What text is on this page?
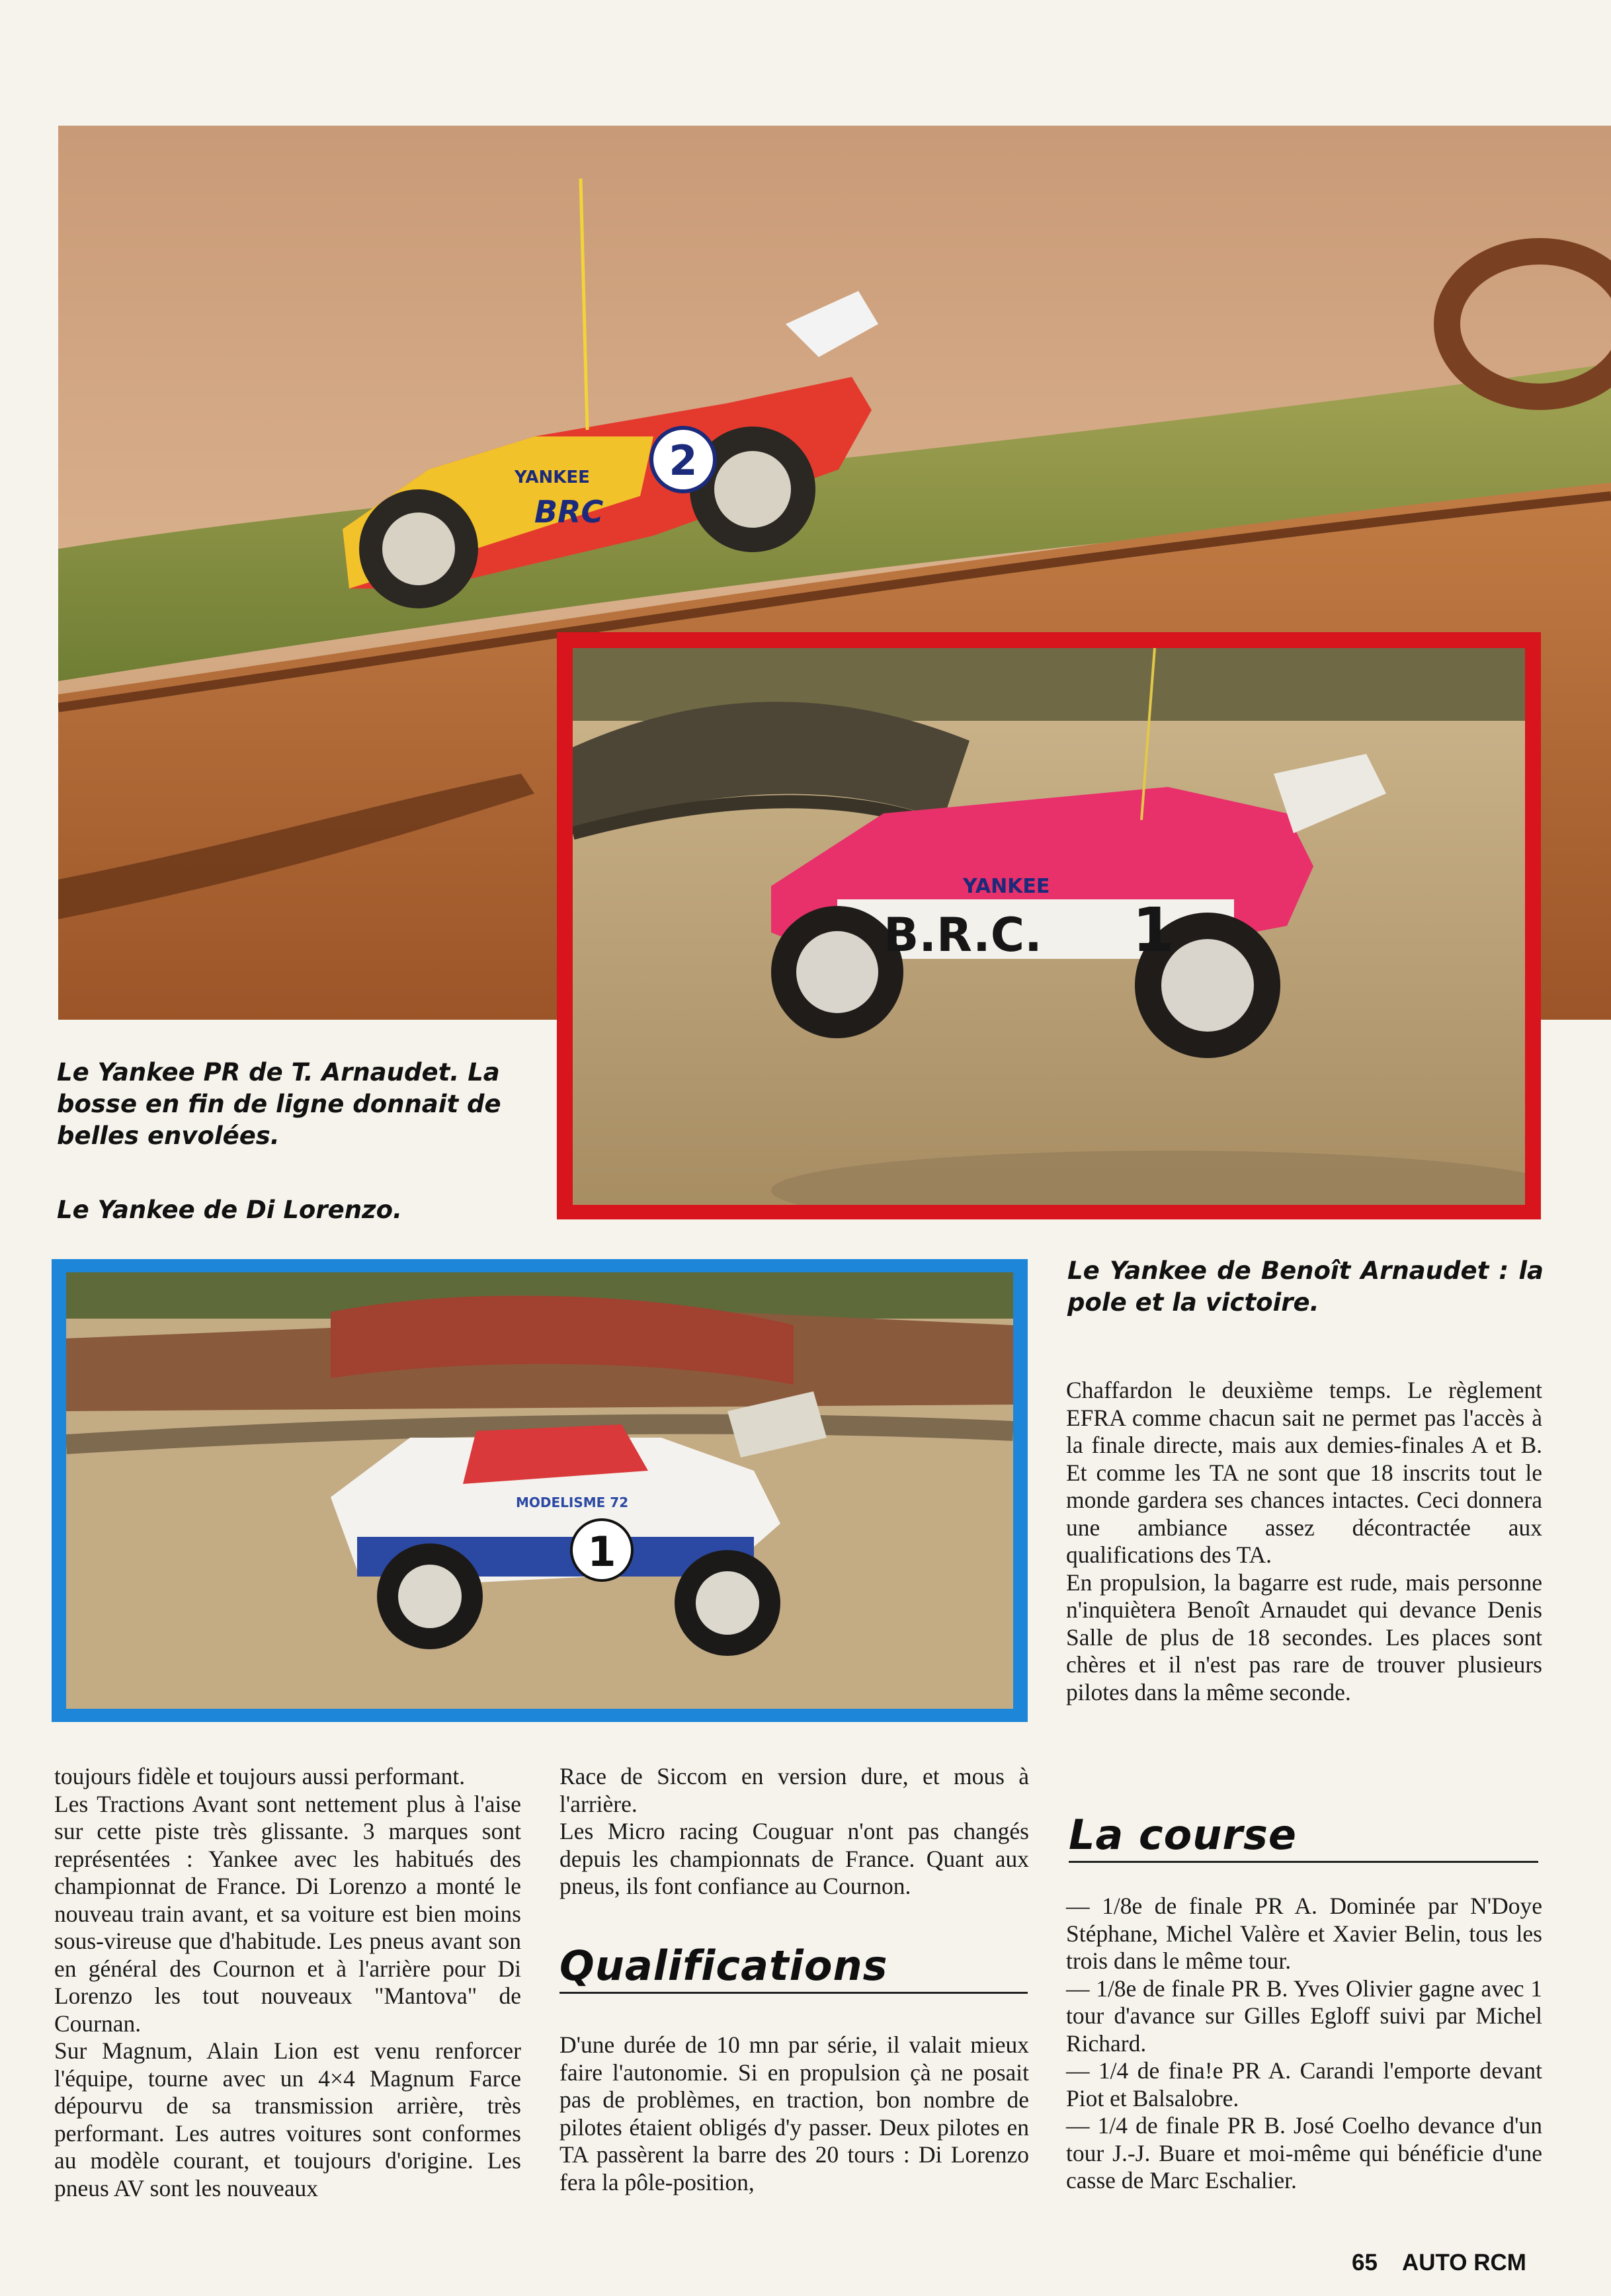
2
BRC
YANKEE
B.R.C. 1
YANKEE
1
MODELISME 72
Le Yankee PR de T. Arnaudet. La bosse en fin de ligne donnait de belles envolées.
Le Yankee de Di Lorenzo.
Le Yankee de Benoît Arnaudet : la pole et la victoire.

toujours fidèle et toujours aussi performant.

Les Tractions Avant sont nettement plus à l'aise sur cette piste très glissante. 3 marques sont représentées : Yankee avec les habitués des championnat de France. Di Lorenzo a monté le nouveau train avant, et sa voiture est bien moins sous-vireuse que d'habitude. Les pneus avant son en général des Cournon et à l'arrière pour Di Lorenzo les tout nouveaux "Mantova" de Cournan.

Sur Magnum, Alain Lion est venu renforcer l'équipe, tourne avec un 4×4 Magnum Farce dépourvu de sa transmission arrière, très performant. Les autres voitures sont conformes au modèle courant, et toujours d'origine. Les pneus AV sont les nouveaux

Race de Siccom en version dure, et mous à l'arrière.

Les Micro racing Couguar n'ont pas changés depuis les championnats de France. Quant aux pneus, ils font confiance au Cournon.

Qualifications

D'une durée de 10 mn par série, il valait mieux faire l'autonomie. Si en propulsion çà ne posait pas de problèmes, en traction, bon nombre de pilotes étaient obligés d'y passer. Deux pilotes en TA passèrent la barre des 20 tours : Di Lorenzo fera la pôle-position,

Chaffardon le deuxième temps. Le règlement EFRA comme chacun sait ne permet pas l'accès à la finale directe, mais aux demies-finales A et B. Et comme les TA ne sont que 18 inscrits tout le monde gardera ses chances intactes. Ceci donnera une ambiance assez décontractée aux qualifications des TA.

En propulsion, la bagarre est rude, mais personne n'inquiètera Benoît Arnaudet qui devance Denis Salle de plus de 18 secondes. Les places sont chères et il n'est pas rare de trouver plusieurs pilotes dans la même seconde.

La course

— 1/8e de finale PR A. Dominée par N'Doye Stéphane, Michel Valère et Xavier Belin, tous les trois dans le même tour.

— 1/8e de finale PR B. Yves Olivier gagne avec 1 tour d'avance sur Gilles Egloff suivi par Michel Richard.

— 1/4 de fina!e PR A. Carandi l'emporte devant Piot et Balsalobre.

— 1/4 de finale PR B. José Coelho devance d'un tour J.-J. Buare et moi-même qui bénéficie d'une casse de Marc Eschalier.

65 AUTO RCM
